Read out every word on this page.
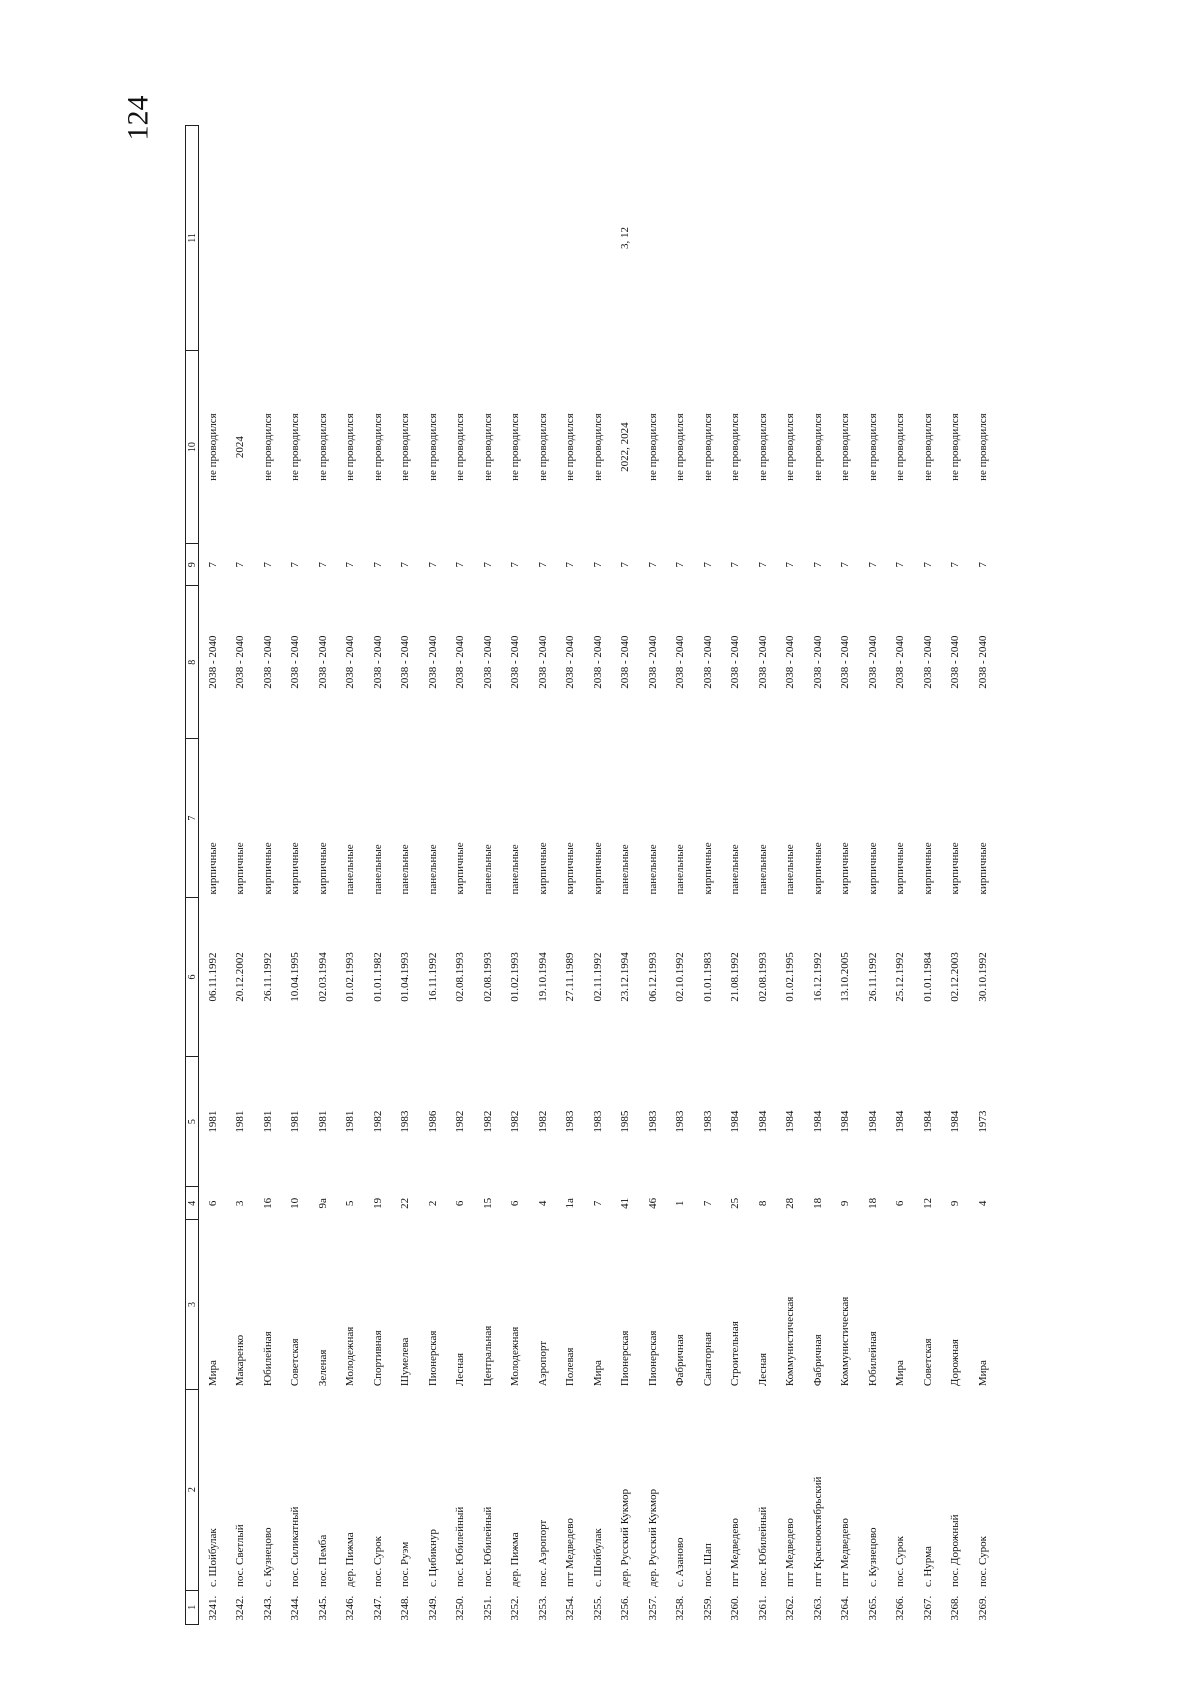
124
1	2	3	4	5	6	7	8	9	10	11
3241.	с. Шойбулак	Мира	6	1981	06.11.1992	кирпичные	2038 - 2040	7	не проводился	
3242.	пос. Светлый	Макаренко	3	1981	20.12.2002	кирпичные	2038 - 2040	7	2024	
3243.	с. Кузнецово	Юбилейная	16	1981	26.11.1992	кирпичные	2038 - 2040	7	не проводился	
3244.	пос. Силикатный	Советская	10	1981	10.04.1995	кирпичные	2038 - 2040	7	не проводился	
3245.	пос. Пемба	Зеленая	9а	1981	02.03.1994	кирпичные	2038 - 2040	7	не проводился	
3246.	дер. Пижма	Молодежная	5	1981	01.02.1993	панельные	2038 - 2040	7	не проводился	
3247.	пос. Сурок	Спортивная	19	1982	01.01.1982	панельные	2038 - 2040	7	не проводился	
3248.	пос. Руэм	Шумелева	22	1983	01.04.1993	панельные	2038 - 2040	7	не проводился	
3249.	с. Цибикнур	Пионерская	2	1986	16.11.1992	панельные	2038 - 2040	7	не проводился	
3250.	пос. Юбилейный	Лесная	6	1982	02.08.1993	кирпичные	2038 - 2040	7	не проводился	
3251.	пос. Юбилейный	Центральная	15	1982	02.08.1993	панельные	2038 - 2040	7	не проводился	
3252.	дер. Пижма	Молодежная	6	1982	01.02.1993	панельные	2038 - 2040	7	не проводился	
3253.	пос. Аэропорт	Аэропорт	4	1982	19.10.1994	кирпичные	2038 - 2040	7	не проводился	
3254.	пгт Медведево	Полевая	1а	1983	27.11.1989	кирпичные	2038 - 2040	7	не проводился	
3255.	с. Шойбулак	Мира	7	1983	02.11.1992	кирпичные	2038 - 2040	7	не проводился	
3256.	дер. Русский Кукмор	Пионерская	41	1985	23.12.1994	панельные	2038 - 2040	7	2022, 2024	3, 12
3257.	дер. Русский Кукмор	Пионерская	46	1983	06.12.1993	панельные	2038 - 2040	7	не проводился	
3258.	с. Азаново	Фабричная	1	1983	02.10.1992	панельные	2038 - 2040	7	не проводился	
3259.	пос. Шап	Санаторная	7	1983	01.01.1983	кирпичные	2038 - 2040	7	не проводился	
3260.	пгт Медведево	Строительная	25	1984	21.08.1992	панельные	2038 - 2040	7	не проводился	
3261.	пос. Юбилейный	Лесная	8	1984	02.08.1993	панельные	2038 - 2040	7	не проводился	
3262.	пгт Медведево	Коммунистическая	28	1984	01.02.1995	панельные	2038 - 2040	7	не проводился	
3263.	пгт Краснооктябрьский	Фабричная	18	1984	16.12.1992	кирпичные	2038 - 2040	7	не проводился	
3264.	пгт Медведево	Коммунистическая	9	1984	13.10.2005	кирпичные	2038 - 2040	7	не проводился	
3265.	с. Кузнецово	Юбилейная	18	1984	26.11.1992	кирпичные	2038 - 2040	7	не проводился	
3266.	пос. Сурок	Мира	6	1984	25.12.1992	кирпичные	2038 - 2040	7	не проводился	
3267.	с. Нурма	Советская	12	1984	01.01.1984	кирпичные	2038 - 2040	7	не проводился	
3268.	пос. Дорожный	Дорожная	9	1984	02.12.2003	кирпичные	2038 - 2040	7	не проводился	
3269.	пос. Сурок	Мира	4	1973	30.10.1992	кирпичные	2038 - 2040	7	не проводился	
